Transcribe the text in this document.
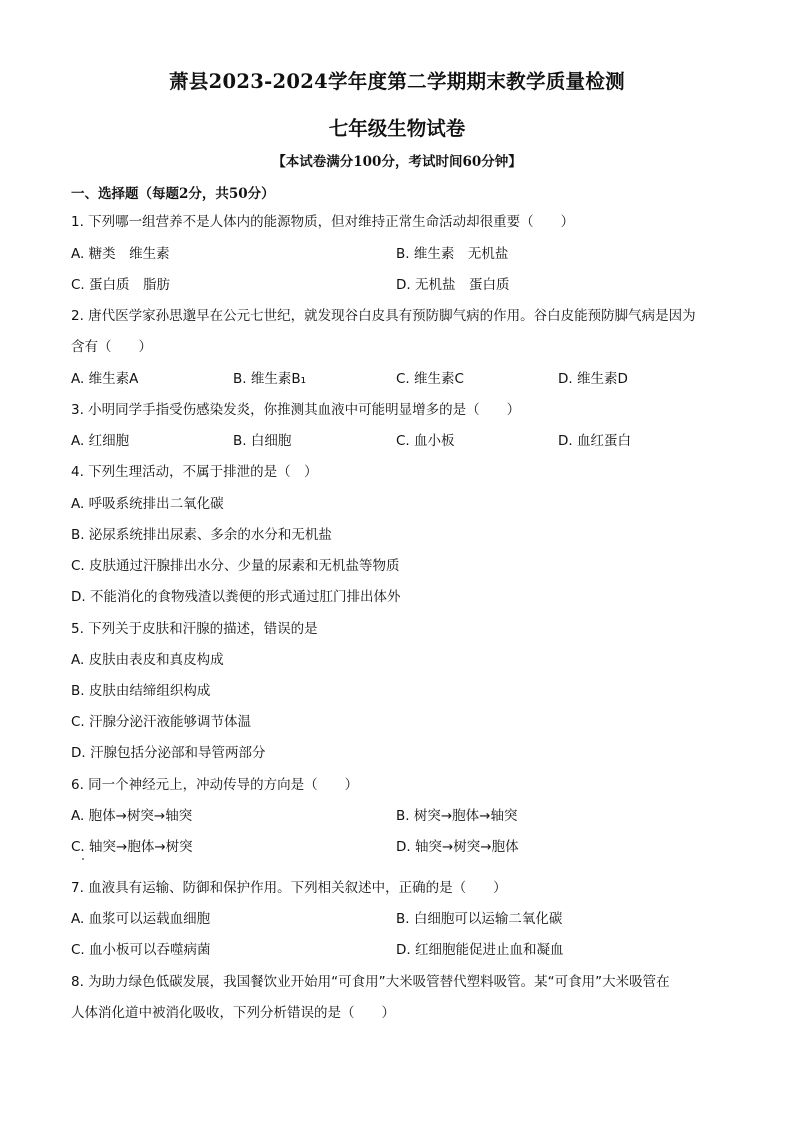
萧县2023-2024学年度第二学期期末教学质量检测
七年级生物试卷
【本试卷满分100分，考试时间60分钟】
一、选择题（每题2分，共50分）
1. 下列哪一组营养不是人体内的能源物质，但对维持正常生命活动却很重要（　　）
A. 糖类　维生素	B. 维生素　无机盐
C. 蛋白质　脂肪	D. 无机盐　蛋白质
2. 唐代医学家孙思邈早在公元七世纪，就发现谷白皮具有预防脚气病的作用。谷白皮能预防脚气病是因为
含有（　　）
A. 维生素A	B. 维生素B₁	C. 维生素C	D. 维生素D
3. 小明同学手指受伤感染发炎，你推测其血液中可能明显增多的是（　　）
A. 红细胞	B. 白细胞	C. 血小板	D. 血红蛋白
4. 下列生理活动，不属于排泄的是（　）
A. 呼吸系统排出二氧化碳
B. 泌尿系统排出尿素、多余的水分和无机盐
C. 皮肤通过汗腺排出水分、少量的尿素和无机盐等物质
D. 不能消化的食物残渣以粪便的形式通过肛门排出体外
5. 下列关于皮肤和汗腺的描述，错误的是
A. 皮肤由表皮和真皮构成
B. 皮肤由结缔组织构成
C. 汗腺分泌汗液能够调节体温
D. 汗腺包括分泌部和导管两部分
6. 同一个神经元上，冲动传导的方向是（　　）
A. 胞体→树突→轴突	B. 树突→胞体→轴突
C. 轴突→胞体→树突	D. 轴突→树突→胞体
7. 血液具有运输、防御和保护作用。下列相关叙述中，正确的是（　　）
A. 血浆可以运载血细胞	B. 白细胞可以运输二氧化碳
C. 血小板可以吞噬病菌	D. 红细胞能促进止血和凝血
8. 为助力绿色低碳发展，我国餐饮业开始用“可食用”大米吸管替代塑料吸管。某“可食用”大米吸管在
人体消化道中被消化吸收，下列分析错误的是（　　）
